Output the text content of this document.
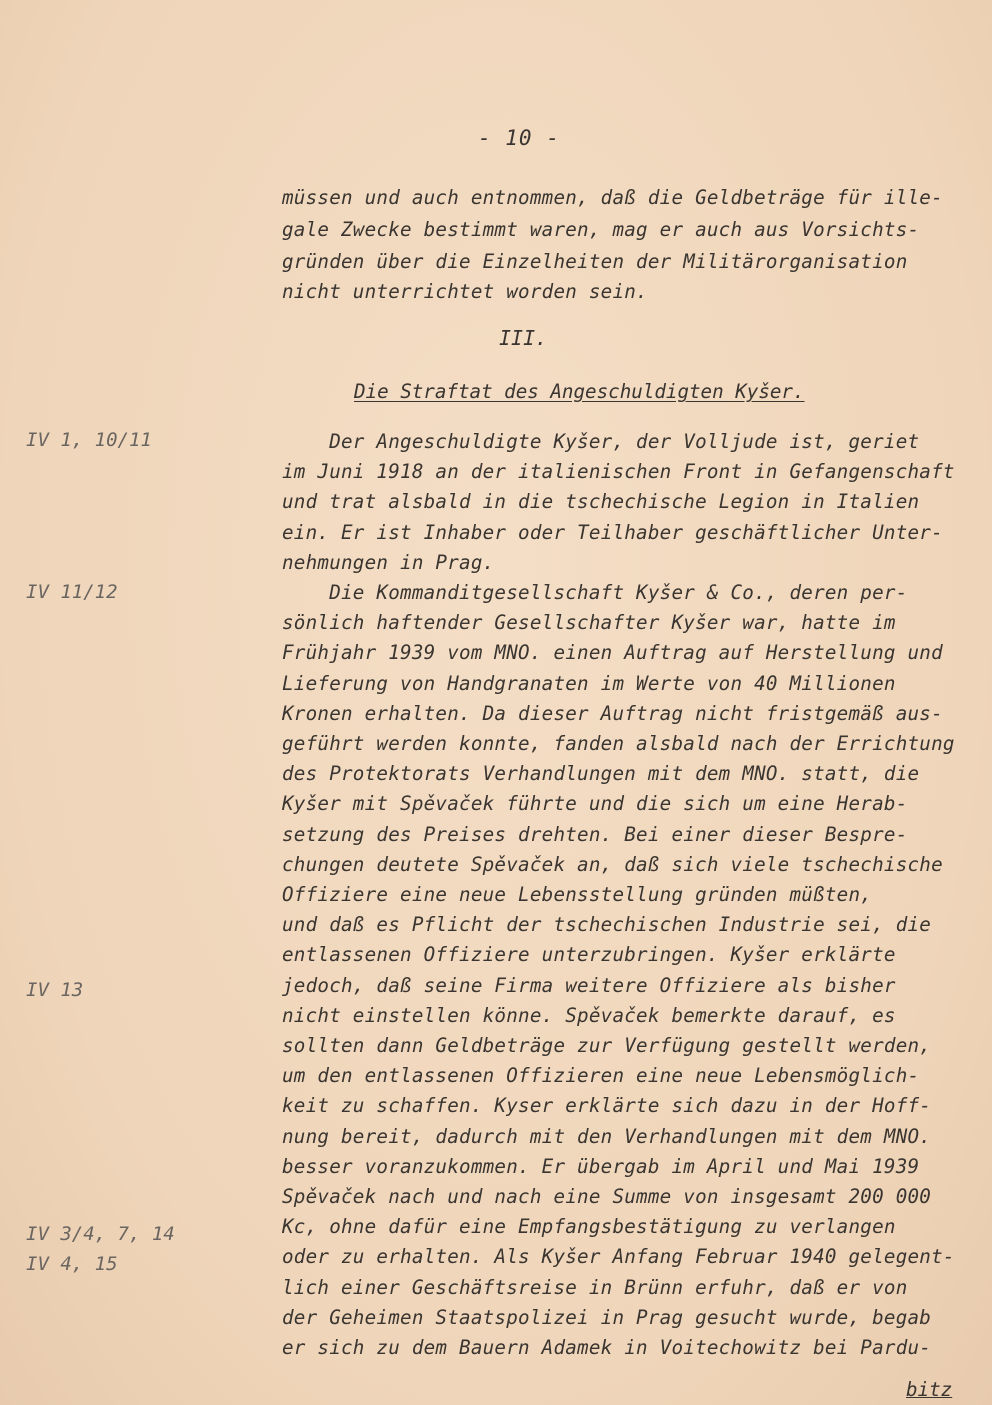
- 10 -
müssen und auch entnommen, daß die Geldbeträge für ille-
gale Zwecke bestimmt waren, mag er auch aus Vorsichts-
gründen über die Einzelheiten der Militärorganisation
nicht unterrichtet worden sein.
III.
Die Straftat des Angeschuldigten Kyšer.
Der Angeschuldigte Kyšer, der Volljude ist, geriet
im Juni 1918 an der italienischen Front in Gefangenschaft
und trat alsbald in die tschechische Legion in Italien
ein. Er ist Inhaber oder Teilhaber geschäftlicher Unter-
nehmungen in Prag.
Die Kommanditgesellschaft Kyšer & Co., deren per-
sönlich haftender Gesellschafter Kyšer war, hatte im
Frühjahr 1939 vom MNO. einen Auftrag auf Herstellung und
Lieferung von Handgranaten im Werte von 40 Millionen
Kronen erhalten. Da dieser Auftrag nicht fristgemäß aus-
geführt werden konnte, fanden alsbald nach der Errichtung
des Protektorats Verhandlungen mit dem MNO. statt, die
Kyšer mit Spěvaček führte und die sich um eine Herab-
setzung des Preises drehten. Bei einer dieser Bespre-
chungen deutete Spěvaček an, daß sich viele tschechische
Offiziere eine neue Lebensstellung gründen müßten,
und daß es Pflicht der tschechischen Industrie sei, die
entlassenen Offiziere unterzubringen. Kyšer erklärte
jedoch, daß seine Firma weitere Offiziere als bisher
nicht einstellen könne. Spěvaček bemerkte darauf, es
sollten dann Geldbeträge zur Verfügung gestellt werden,
um den entlassenen Offizieren eine neue Lebensmöglich-
keit zu schaffen. Kyser erklärte sich dazu in der Hoff-
nung bereit, dadurch mit den Verhandlungen mit dem MNO.
besser voranzukommen. Er übergab im April und Mai 1939
Spěvaček nach und nach eine Summe von insgesamt 200 000
Kc, ohne dafür eine Empfangsbestätigung zu verlangen
oder zu erhalten. Als Kyšer Anfang Februar 1940 gelegent-
lich einer Geschäftsreise in Brünn erfuhr, daß er von
der Geheimen Staatspolizei in Prag gesucht wurde, begab
er sich zu dem Bauern Adamek in Voitechowitz bei Pardu-
IV 1, 10/11
IV 11/12
IV 13
IV 3/4, 7, 14
IV 4, 15
bitz
